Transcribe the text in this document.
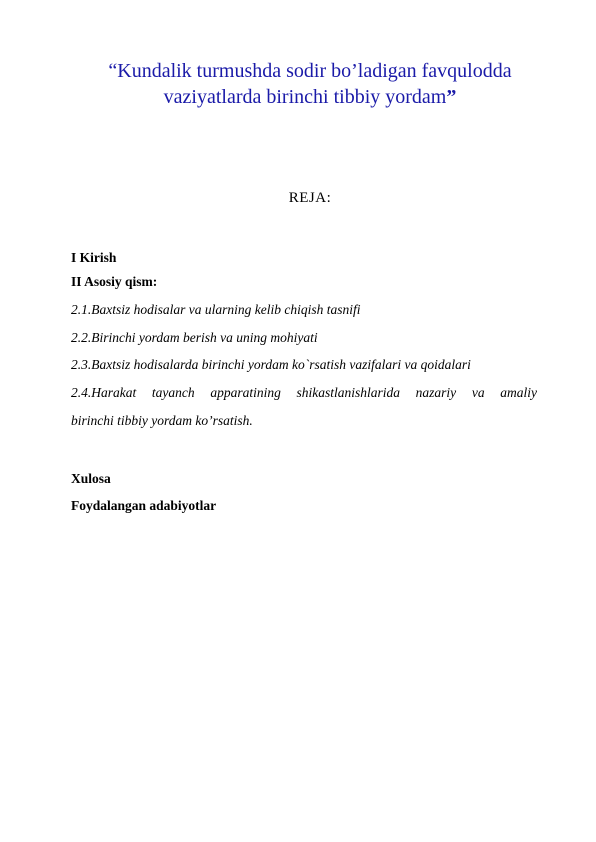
“Kundalik turmushda sodir bo’ladigan favqulodda vaziyatlarda birinchi tibbiy yordam”
REJA:
I Kirish
II Asosiy qism:
2.1.Baxtsiz hodisalar va ularning kelib chiqish tasnifi
2.2.Birinchi yordam berish va uning mohiyati
2.3.Baxtsiz hodisalarda birinchi yordam ko`rsatish vazifalari va qoidalari
2.4.Harakat tayanch apparatining shikastlanishlarida nazariy va amaliy
birinchi tibbiy yordam ko’rsatish.
Xulosa
Foydalangan adabiyotlar
